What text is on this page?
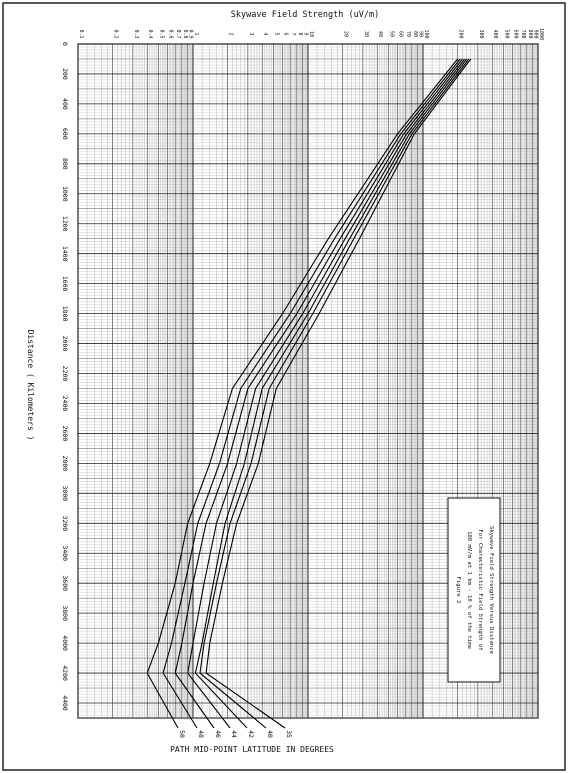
0
200
400
600
800
1000
1200
1400
1600
1800
2000
2200
2400
2600
2800
3000
3200
3400
3600
3800
4000
4200
4400
0.1	0.2	0.3 0.4 0.5 0.6 0.7 0.8 0.9 1	2	3 4 5 6 7 8 9 10	20	30 40 50 60 70 80 90 100	200	300 400 500 600 700 800 900 1000
50 48 46 44 42 40 35
Skywave Field Strength (uV/m)
Distance ( Kilometers )
PATH MID-POINT LATITUDE IN DEGREES
Skywave Field Strength Versus Distance
For Characteristic Field Strength of
100 mV/m at 1 km - 10 % of the time
Figure 2
